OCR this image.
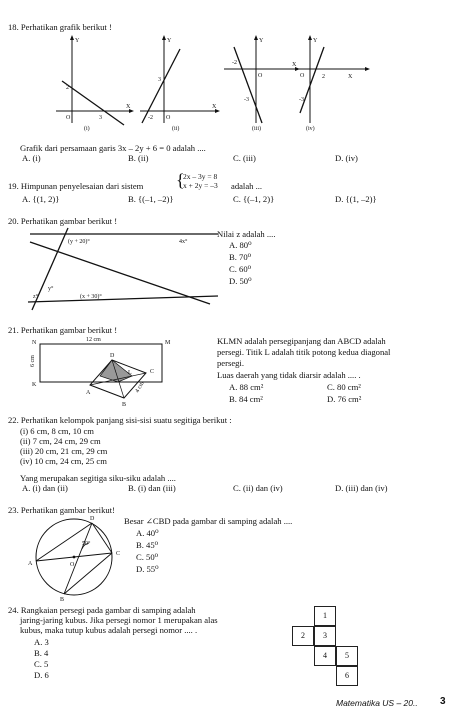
18. Perhatikan grafik berikut !
Y
X
O
2
3
(i)
Y
X
O
3
-2
(ii)
Y
X
O
-3
-2
(iii)
Y
X
O
-3
2
(iv)
Grafik dari persamaan garis 3x – 2y + 6 = 0 adalah ....
A. (i)	B. (ii)	C. (iii)	D. (iv)
19. Himpunan penyelesaian dari sistem {
2x – 3y = 8
x + 2y = –3 adalah ...
A. {(1, 2)}	B. {(–1, –2)}	C. {(–1, 2)}	D. {(1, –2)}
20. Perhatikan gambar berikut !
(y + 20)°	4x°
z°
y°
(x + 30)°
Nilai z adalah ....
A. 80⁰
B. 70⁰
C. 60⁰
D. 50⁰
21. Perhatikan gambar berikut !
N	M
K
L
A
B
C
D
12 cm
6 cm
4 cm
KLMN adalah persegipanjang dan ABCD adalah
persegi. Titik L adalah titik potong kedua diagonal
persegi.
Luas daerah yang tidak diarsir adalah .... .
A. 88 cm²	C. 80 cm²
B. 84 cm²	D. 76 cm²
22. Perhatikan kelompok panjang sisi-sisi suatu segitiga berikut :
(i) 6 cm, 8 cm, 10 cm
(ii) 7 cm, 24 cm, 29 cm
(iii) 20 cm, 21 cm, 29 cm
(iv) 10 cm, 24 cm, 25 cm
Yang merupakan segitiga siku-siku adalah ....
A. (i) dan (ii)	B. (i) dan (iii)	C. (ii) dan (iv)	D. (iii) dan (iv)
23. Perhatikan gambar berikut!
A
B
C
D
O
50°
Besar ∠CBD pada gambar di samping adalah ....
A. 40⁰
B. 45⁰
C. 50⁰
D. 55⁰
24. Rangkaian persegi pada gambar di samping adalah
jaring-jaring kubus. Jika persegi nomor 1 merupakan alas
kubus, maka tutup kubus adalah persegi nomor .... .
A. 3
B. 4
C. 5
D. 6
1
2	3
4	5
6
Matematika US – 20.. 3
